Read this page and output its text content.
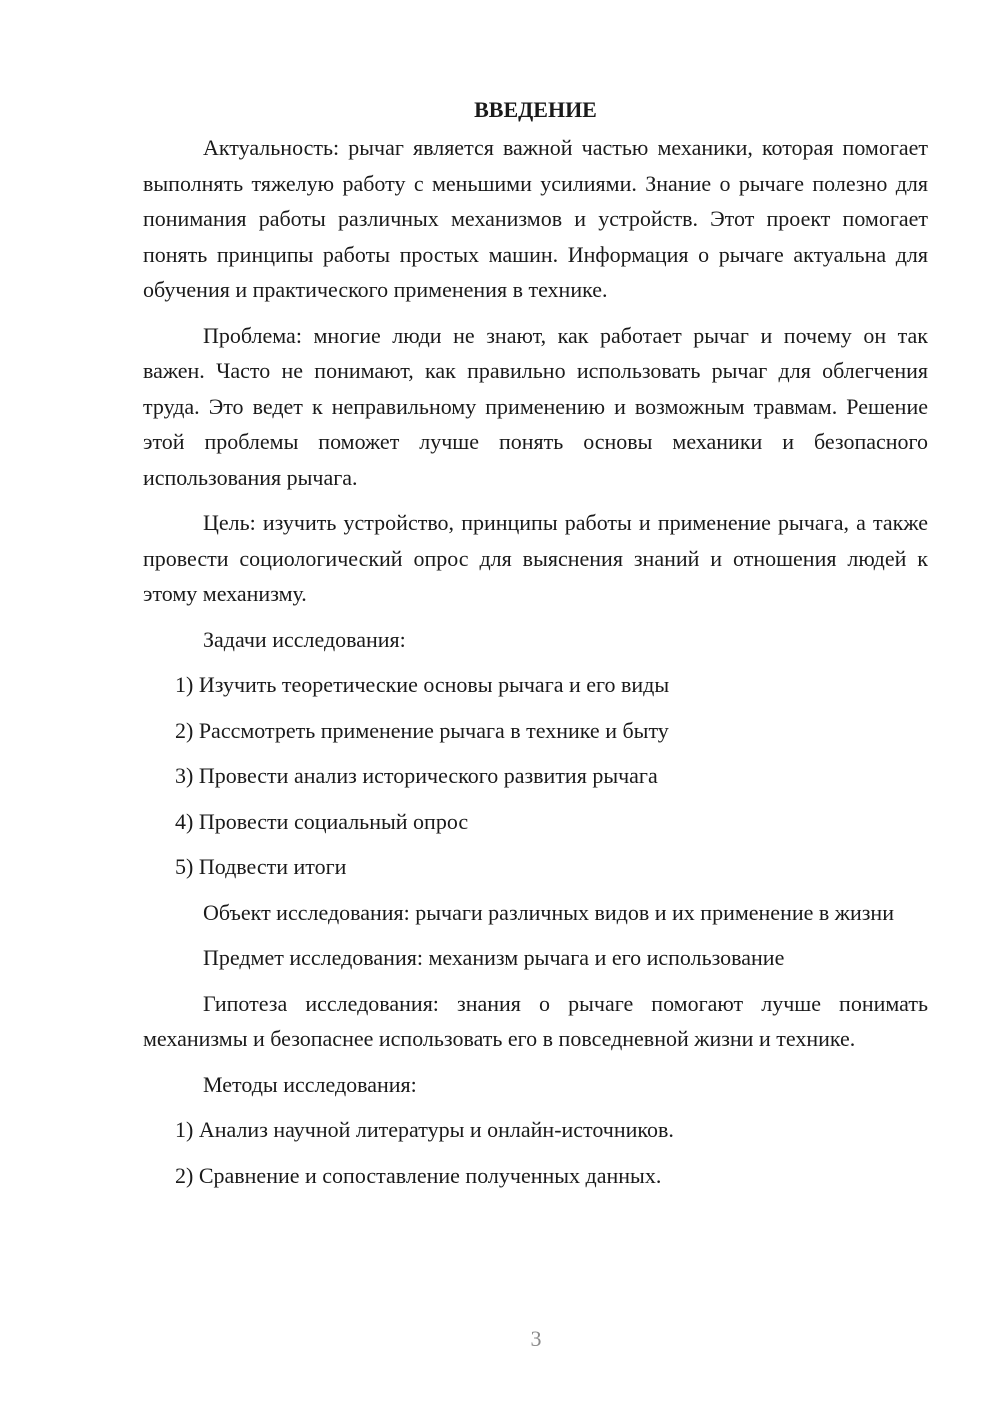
ВВЕДЕНИЕ

Актуальность: рычаг является важной частью механики, которая помогает выполнять тяжелую работу с меньшими усилиями. Знание о рычаге полезно для понимания работы различных механизмов и устройств. Этот проект помогает понять принципы работы простых машин. Информация о рычаге актуальна для обучения и практического применения в технике.

Проблема: многие люди не знают, как работает рычаг и почему он так важен. Часто не понимают, как правильно использовать рычаг для облегчения труда. Это ведет к неправильному применению и возможным травмам. Решение этой проблемы поможет лучше понять основы механики и безопасного использования рычага.

Цель: изучить устройство, принципы работы и применение рычага, а также провести социологический опрос для выяснения знаний и отношения людей к этому механизму.

Задачи исследования:

1) Изучить теоретические основы рычага и его виды
2) Рассмотреть применение рычага в технике и быту
3) Провести анализ исторического развития рычага
4) Провести социальный опрос
5) Подвести итоги

Объект исследования: рычаги различных видов и их применение в жизни

Предмет исследования: механизм рычага и его использование

Гипотеза исследования: знания о рычаге помогают лучше понимать механизмы и безопаснее использовать его в повседневной жизни и технике.

Методы исследования:

1) Анализ научной литературы и онлайн-источников.
2) Сравнение и сопоставление полученных данных.
3
